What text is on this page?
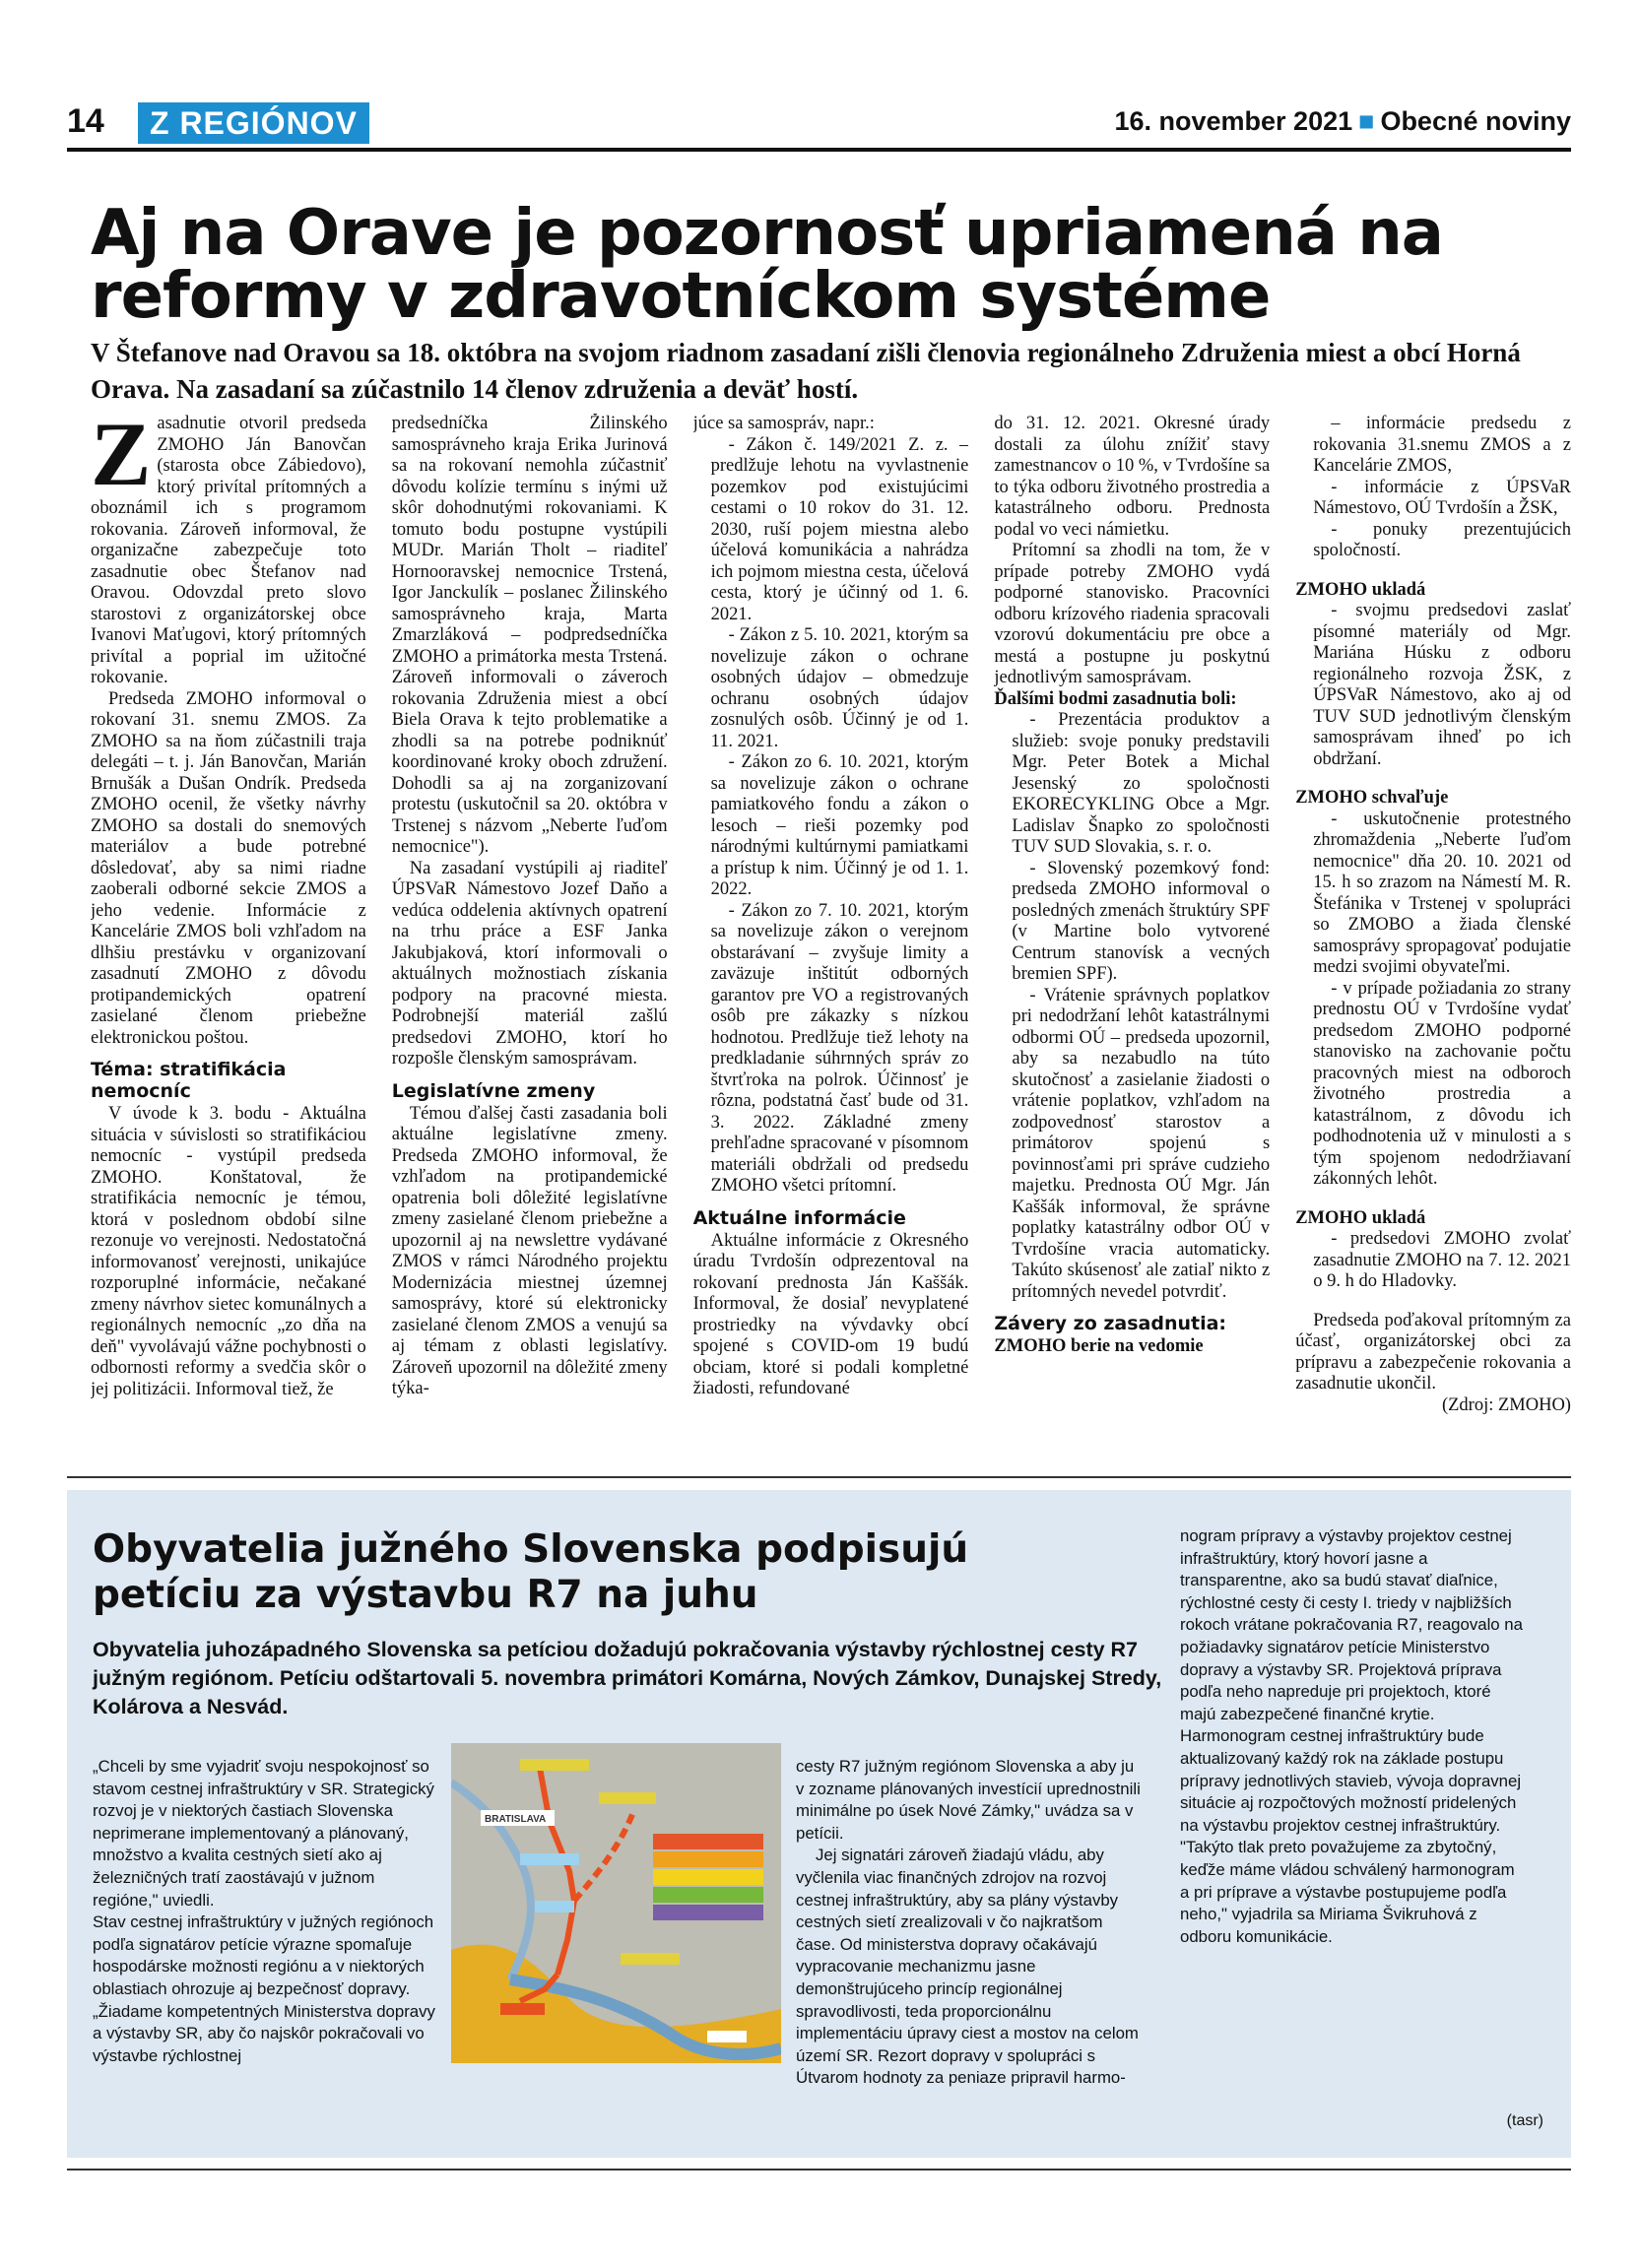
14	Z REGIÓNOV	16. november 2021 ■ Obecné noviny
Aj na Orave je pozornosť upriamená na reformy v zdravotníckom systéme

V Štefanove nad Oravou sa 18. októbra na svojom riadnom zasadaní zišli členovia regionálneho Združenia miest a obcí Horná Orava. Na zasadaní sa zúčastnilo 14 členov združenia a deväť hostí.

Zasadnutie otvoril predseda ZMOHO Ján Banovčan (starosta obce Zábiedovo), ktorý privítal prítomných a oboznámil ich s programom rokovania. Zároveň informoval, že organizačne zabezpečuje toto zasadnutie obec Štefanov nad Oravou. Odovzdal preto slovo starostovi z organizátorskej obce Ivanovi Maťugovi, ktorý prítomných privítal a poprial im užitočné rokovanie.

Predseda ZMOHO informoval o rokovaní 31. snemu ZMOS. Za ZMOHO sa na ňom zúčastnili traja delegáti – t. j. Ján Banovčan, Marián Brnušák a Dušan Ondrík. Predseda ZMOHO ocenil, že všetky návrhy ZMOHO sa dostali do snemových materiálov a bude potrebné dôsledovať, aby sa nimi riadne zaoberali odborné sekcie ZMOS a jeho vedenie. Informácie z Kancelárie ZMOS boli vzhľadom na dlhšiu prestávku v organizovaní zasadnutí ZMOHO z dôvodu protipandemických opatrení zasielané členom priebežne elektronickou poštou.

Téma: stratifikácia nemocníc

V úvode k 3. bodu - Aktuálna situácia v súvislosti so stratifikáciou nemocníc - vystúpil predseda ZMOHO. Konštatoval, že stratifikácia nemocníc je témou, ktorá v poslednom období silne rezonuje vo verejnosti. Nedostatočná informovanosť verejnosti, unikajúce rozporuplné informácie, nečakané zmeny návrhov sietec komunálnych a regionálnych nemocníc „zo dňa na deň" vyvolávajú vážne pochybnosti o odbornosti reformy a svedčia skôr o jej politizácii. Informoval tiež, že

predsedníčka Žilinského samosprávneho kraja Erika Jurinová sa na rokovaní nemohla zúčastniť dôvodu kolízie termínu s inými už skôr dohodnutými rokovaniami. K tomuto bodu postupne vystúpili MUDr. Marián Tholt – riaditeľ Hornooravskej nemocnice Trstená, Igor Janckulík – poslanec Žilinského samosprávneho kraja, Marta Zmarzláková – podpredsedníčka ZMOHO a primátorka mesta Trstená. Zároveň informovali o záveroch rokovania Združenia miest a obcí Biela Orava k tejto problematike a zhodli sa na potrebe podniknúť koordinované kroky oboch združení. Dohodli sa aj na zorganizovaní protestu (uskutočnil sa 20. októbra v Trstenej s názvom „Neberte ľuďom nemocnice").

Na zasadaní vystúpili aj riaditeľ ÚPSVaR Námestovo Jozef Daňo a vedúca oddelenia aktívnych opatrení na trhu práce a ESF Janka Jakubjaková, ktorí informovali o aktuálnych možnostiach získania podpory na pracovné miesta. Podrobnejší materiál zašlú predsedovi ZMOHO, ktorí ho rozpošle členským samosprávam.

Legislatívne zmeny

Témou ďalšej časti zasadania boli aktuálne legislatívne zmeny. Predseda ZMOHO informoval, že vzhľadom na protipandemické opatrenia boli dôležité legislatívne zmeny zasielané členom priebežne a upozornil aj na newslettre vydávané ZMOS v rámci Národného projektu Modernizácia miestnej územnej samosprávy, ktoré sú elektronicky zasielané členom ZMOS a venujú sa aj témam z oblasti legislatívy. Zároveň upozornil na dôležité zmeny týka-

júce sa samospráv, napr.:

- Zákon č. 149/2021 Z. z. – predlžuje lehotu na vyvlastnenie pozemkov pod existujúcimi cestami o 10 rokov do 31. 12. 2030, ruší pojem miestna alebo účelová komunikácia a nahrádza ich pojmom miestna cesta, účelová cesta, ktorý je účinný od 1. 6. 2021.

- Zákon z 5. 10. 2021, ktorým sa novelizuje zákon o ochrane osobných údajov – obmedzuje ochranu osobných údajov zosnulých osôb. Účinný je od 1. 11. 2021.

- Zákon zo 6. 10. 2021, ktorým sa novelizuje zákon o ochrane pamiatkového fondu a zákon o lesoch – rieši pozemky pod národnými kultúrnymi pamiatkami a prístup k nim. Účinný je od 1. 1. 2022.

- Zákon zo 7. 10. 2021, ktorým sa novelizuje zákon o verejnom obstarávaní – zvyšuje limity a zaväzuje inštitút odborných garantov pre VO a registrovaných osôb pre zákazky s nízkou hodnotou. Predlžuje tiež lehoty na predkladanie súhrnných správ zo štvrťroka na polrok. Účinnosť je rôzna, podstatná časť bude od 31. 3. 2022. Základné zmeny prehľadne spracované v písomnom materiáli obdržali od predsedu ZMOHO všetci prítomní.

Aktuálne informácie

Aktuálne informácie z Okresného úradu Tvrdošín odprezentoval na rokovaní prednosta Ján Kaššák. Informoval, že dosiaľ nevyplatené prostriedky na vývdavky obcí spojené s COVID-om 19 budú obciam, ktoré si podali kompletné žiadosti, refundované

do 31. 12. 2021. Okresné úrady dostali za úlohu znížiť stavy zamestnancov o 10 %, v Tvrdošíne sa to týka odboru životného prostredia a katastrálneho odboru. Prednosta podal vo veci námietku.

Prítomní sa zhodli na tom, že v prípade potreby ZMOHO vydá podporné stanovisko. Pracovníci odboru krízového riadenia spracovali vzorovú dokumentáciu pre obce a mestá a postupne ju poskytnú jednotlivým samosprávam.

Ďalšími bodmi zasadnutia boli:

- Prezentácia produktov a služieb: svoje ponuky predstavili Mgr. Peter Botek a Michal Jesenský zo spoločnosti EKORECYKLING Obce a Mgr. Ladislav Šnapko zo spoločnosti TUV SUD Slovakia, s. r. o.

- Slovenský pozemkový fond: predseda ZMOHO informoval o posledných zmenách štruktúry SPF (v Martine bolo vytvorené Centrum stanovísk a vecných bremien SPF).

- Vrátenie správnych poplatkov pri nedodržaní lehôt katastrálnymi odbormi OÚ – predseda upozornil, aby sa nezabudlo na túto skutočnosť a zasielanie žiadosti o vrátenie poplatkov, vzhľadom na zodpovednosť starostov a primátorov spojenú s povinnosťami pri správe cudzieho majetku. Prednosta OÚ Mgr. Ján Kaššák informoval, že správne poplatky katastrálny odbor OÚ v Tvrdošíne vracia automaticky. Takúto skúsenosť ale zatiaľ nikto z prítomných nevedel potvrdiť.

Závery zo zasadnutia:

ZMOHO berie na vedomie

– informácie predsedu z rokovania 31.snemu ZMOS a z Kancelárie ZMOS,

- informácie z ÚPSVaR Námestovo, OÚ Tvrdošín a ŽSK,

- ponuky prezentujúcich spoločností.

ZMOHO ukladá

- svojmu predsedovi zaslať písomné materiály od Mgr. Mariána Húsku z odboru regionálneho rozvoja ŽSK, z ÚPSVaR Námestovo, ako aj od TUV SUD jednotlivým členským samosprávam ihneď po ich obdržaní.

ZMOHO schvaľuje

- uskutočnenie protestného zhromaždenia „Neberte ľuďom nemocnice" dňa 20. 10. 2021 od 15. h so zrazom na Námestí M. R. Štefánika v Trstenej v spolupráci so ZMOBO a žiada členské samosprávy spropagovať podujatie medzi svojimi obyvateľmi.

- v prípade požiadania zo strany prednostu OÚ v Tvrdošíne vydať predsedom ZMOHO podporné stanovisko na zachovanie počtu pracovných miest na odboroch životného prostredia a katastrálnom, z dôvodu ich podhodnotenia už v minulosti a s tým spojenom nedodržiavaní zákonných lehôt.

ZMOHO ukladá

- predsedovi ZMOHO zvolať zasadnutie ZMOHO na 7. 12. 2021 o 9. h do Hladovky.

Predseda poďakoval prítomným za účasť, organizátorskej obci za prípravu a zabezpečenie rokovania a zasadnutie ukončil.

(Zdroj: ZMOHO)

Obyvatelia južného Slovenska podpisujú petíciu za výstavbu R7 na juhu

Obyvatelia juhozápadného Slovenska sa petíciou dožadujú pokračovania výstavby rýchlostnej cesty R7 južným regiónom. Petíciu odštartovali 5. novembra primátori Komárna, Nových Zámkov, Dunajskej Stredy, Kolárova a Nesvád.

„Chceli by sme vyjadriť svoju nespokojnosť so stavom cestnej infraštruktúry v SR. Strategický rozvoj je v niektorých častiach Slovenska neprimerane implementovaný a plánovaný, množstvo a kvalita cestných sietí ako aj železničných tratí zaostávajú v južnom regióne," uviedli.

Stav cestnej infraštruktúry v južných regiónoch podľa signatárov petície výrazne spomaľuje hospodárske možnosti regiónu a v niektorých oblastiach ohrozuje aj bezpečnosť dopravy. „Žiadame kompetentných Ministerstva dopravy a výstavby SR, aby čo najskôr pokračovali vo výstavbe rýchlostnej

BRATISLAVA

cesty R7 južným regiónom Slovenska a aby ju v zozname plánovaných investícií uprednostnili minimálne po úsek Nové Zámky," uvádza sa v petícii.

Jej signatári zároveň žiadajú vládu, aby vyčlenila viac finančných zdrojov na rozvoj cestnej infraštruktúry, aby sa plány výstavby cestných sietí zrealizovali v čo najkratšom čase. Od ministerstva dopravy očakávajú vypracovanie mechanizmu jasne demonštrujúceho princíp regionálnej spravodlivosti, teda proporcionálnu implementáciu úpravy ciest a mostov na celom území SR. Rezort dopravy v spolupráci s Útvarom hodnoty za peniaze pripravil harmo-

nogram prípravy a výstavby projektov cestnej infraštruktúry, ktorý hovorí jasne a transparentne, ako sa budú stavať diaľnice, rýchlostné cesty či cesty I. triedy v najbližších rokoch vrátane pokračovania R7, reagovalo na požiadavky signatárov petície Ministerstvo dopravy a výstavby SR. Projektová príprava podľa neho napreduje pri projektoch, ktoré majú zabezpečené finančné krytie. Harmonogram cestnej infraštruktúry bude aktualizovaný každý rok na základe postupu prípravy jednotlivých stavieb, vývoja dopravnej situácie aj rozpočtových možností pridelených na výstavbu projektov cestnej infraštruktúry. "Takýto tlak preto považujeme za zbytočný, keďže máme vládou schválený harmonogram a pri príprave a výstavbe postupujeme podľa neho," vyjadrila sa Miriama Švikruhová z odboru komunikácie.

(tasr)
